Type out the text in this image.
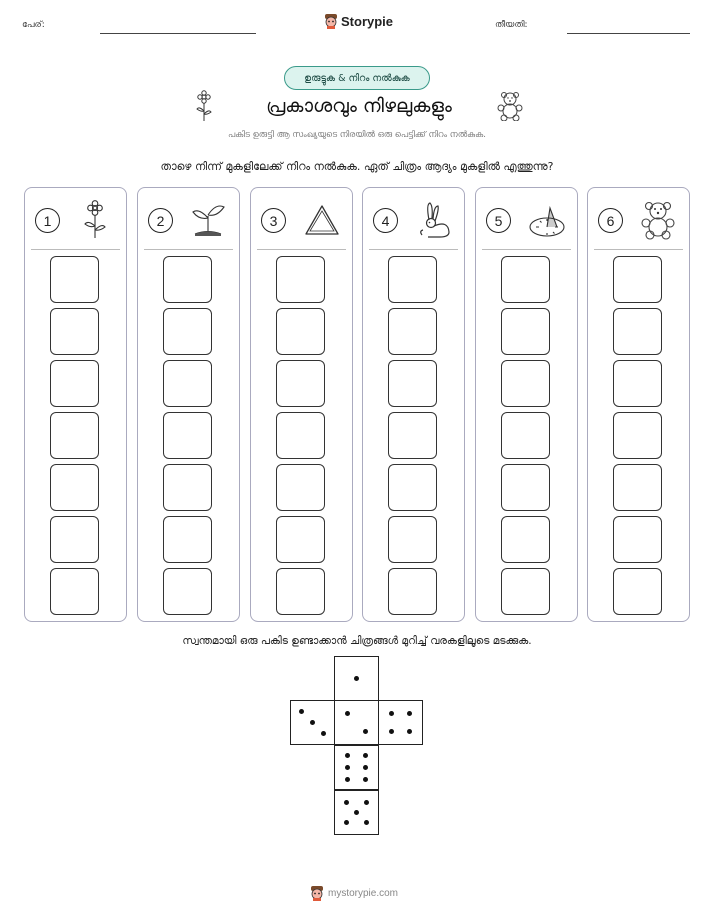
പേര്:	Storypie	തീയതി:
ഉരുട്ടുക & നിറം നൽകുക
പ്രകാശവും നിഴലുകളും
പകിട ഉരുട്ടി ആ സംഖ്യയുടെ നിരയിൽ ഒരു പെട്ടിക്ക് നിറം നൽകുക.
താഴെ നിന്ന് മുകളിലേക്ക് നിറം നൽകുക. ഏത് ചിത്രം ആദ്യം മുകളിൽ എത്തുന്നു?
1	2	3	4	5	6
സ്വന്തമായി ഒരു പകിട ഉണ്ടാക്കാൻ ചിത്രങ്ങൾ മുറിച്ച് വരകളിലൂടെ മടക്കുക.
mystorypie.com
